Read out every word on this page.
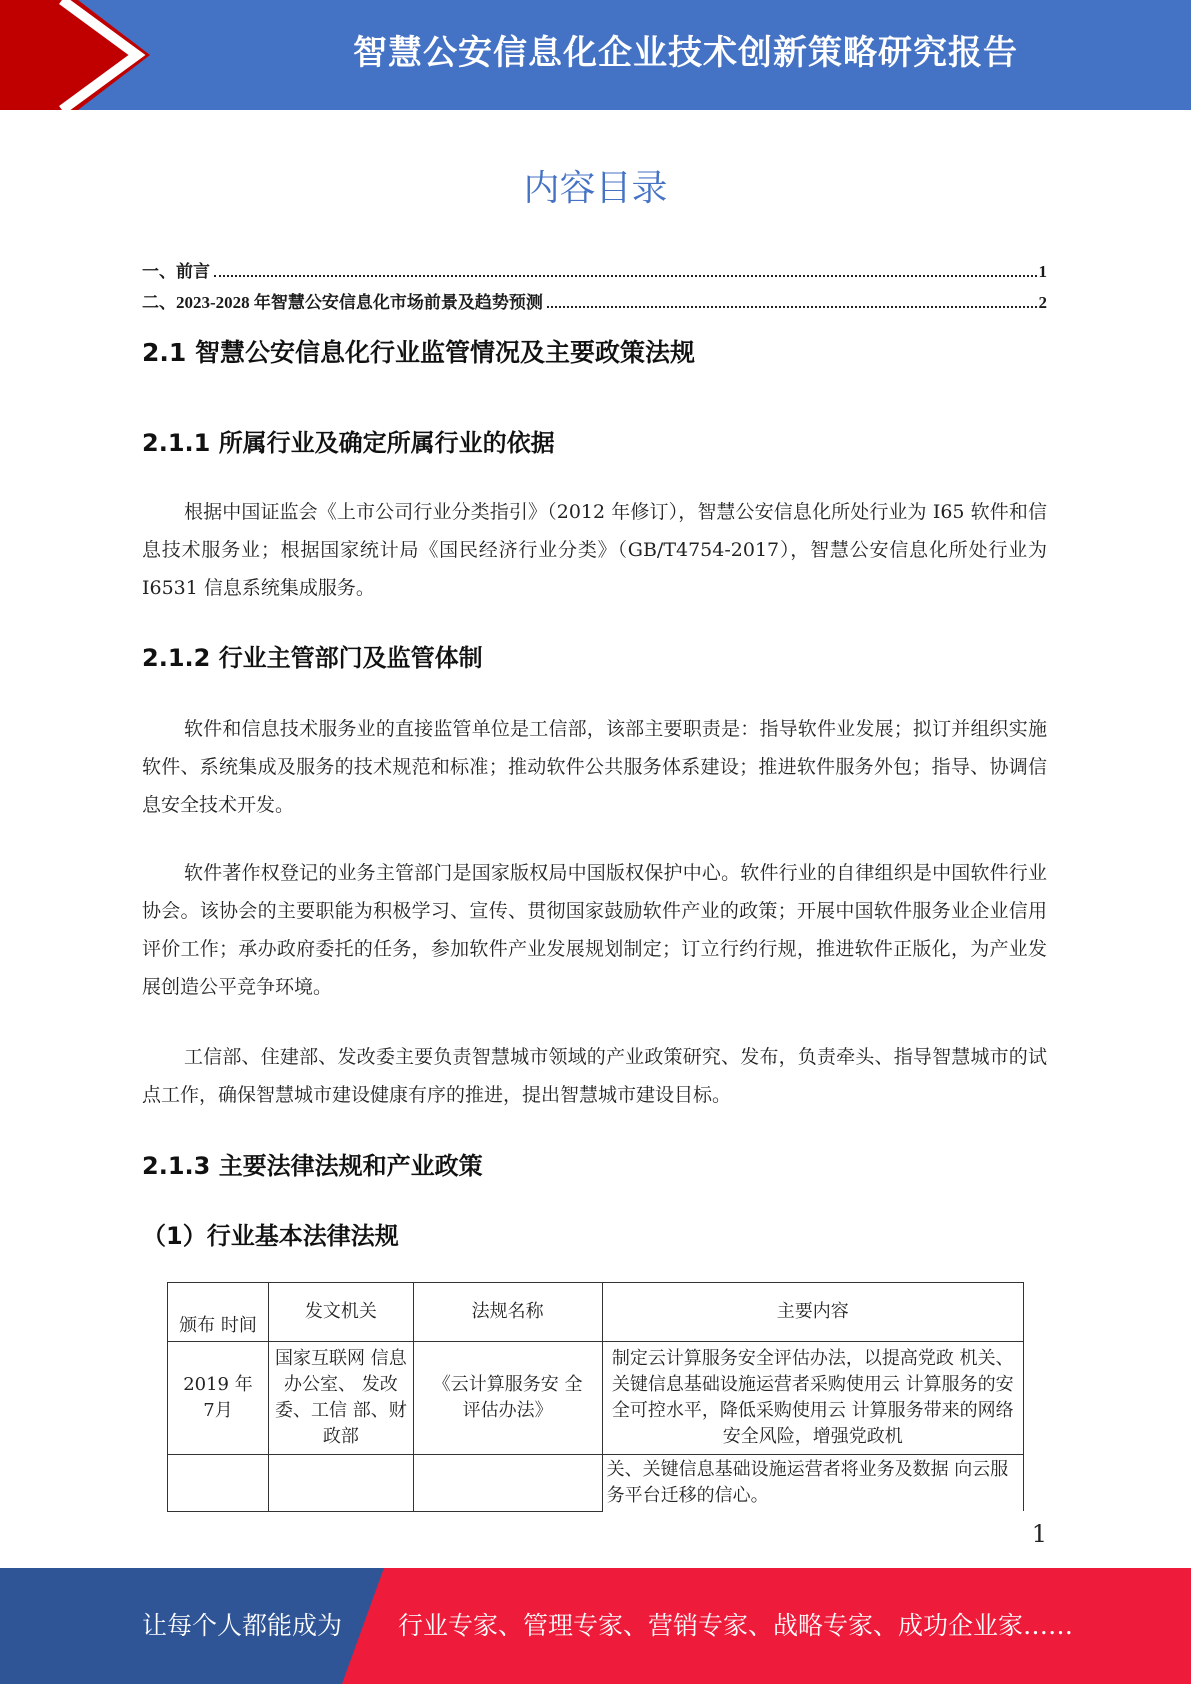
智慧公安信息化企业技术创新策略研究报告
内容目录
一、前言	1
二、2023-2028 年智慧公安信息化市场前景及趋势预测	2
2.1 智慧公安信息化行业监管情况及主要政策法规
2.1.1 所属行业及确定所属行业的依据

根据中国证监会《上市公司行业分类指引》（2012 年修订），智慧公安信息化所处行业为 I65 软件和信息技术服务业；根据国家统计局《国民经济行业分类》（GB/T4754-2017），智慧公安信息化所处行业为 I6531 信息系统集成服务。

2.1.2 行业主管部门及监管体制

软件和信息技术服务业的直接监管单位是工信部，该部主要职责是：指导软件业发展；拟订并组织实施软件、系统集成及服务的技术规范和标准；推动软件公共服务体系建设；推进软件服务外包；指导、协调信息安全技术开发。

软件著作权登记的业务主管部门是国家版权局中国版权保护中心。软件行业的自律组织是中国软件行业协会。该协会的主要职能为积极学习、宣传、贯彻国家鼓励软件产业的政策；开展中国软件服务业企业信用评价工作；承办政府委托的任务，参加软件产业发展规划制定；订立行约行规，推进软件正版化，为产业发展创造公平竞争环境。

工信部、住建部、发改委主要负责智慧城市领域的产业政策研究、发布，负责牵头、指导智慧城市的试点工作，确保智慧城市建设健康有序的推进，提出智慧城市建设目标。

2.1.3 主要法律法规和产业政策
（1）行业基本法律法规
颁布 时间	发文机关	法规名称	主要内容
2019 年 7月	国家互联网 信息办公室、 发改委、工信 部、财政部	《云计算服务安 全评估办法》	制定云计算服务安全评估办法，以提高党政 机关、关键信息基础设施运营者采购使用云 计算服务的安全可控水平，降低采购使用云 计算服务带来的网络安全风险，增强党政机
			关、关键信息基础设施运营者将业务及数据 向云服务平台迁移的信心。
1
让每个人都能成为 行业专家、管理专家、营销专家、战略专家、成功企业家……
